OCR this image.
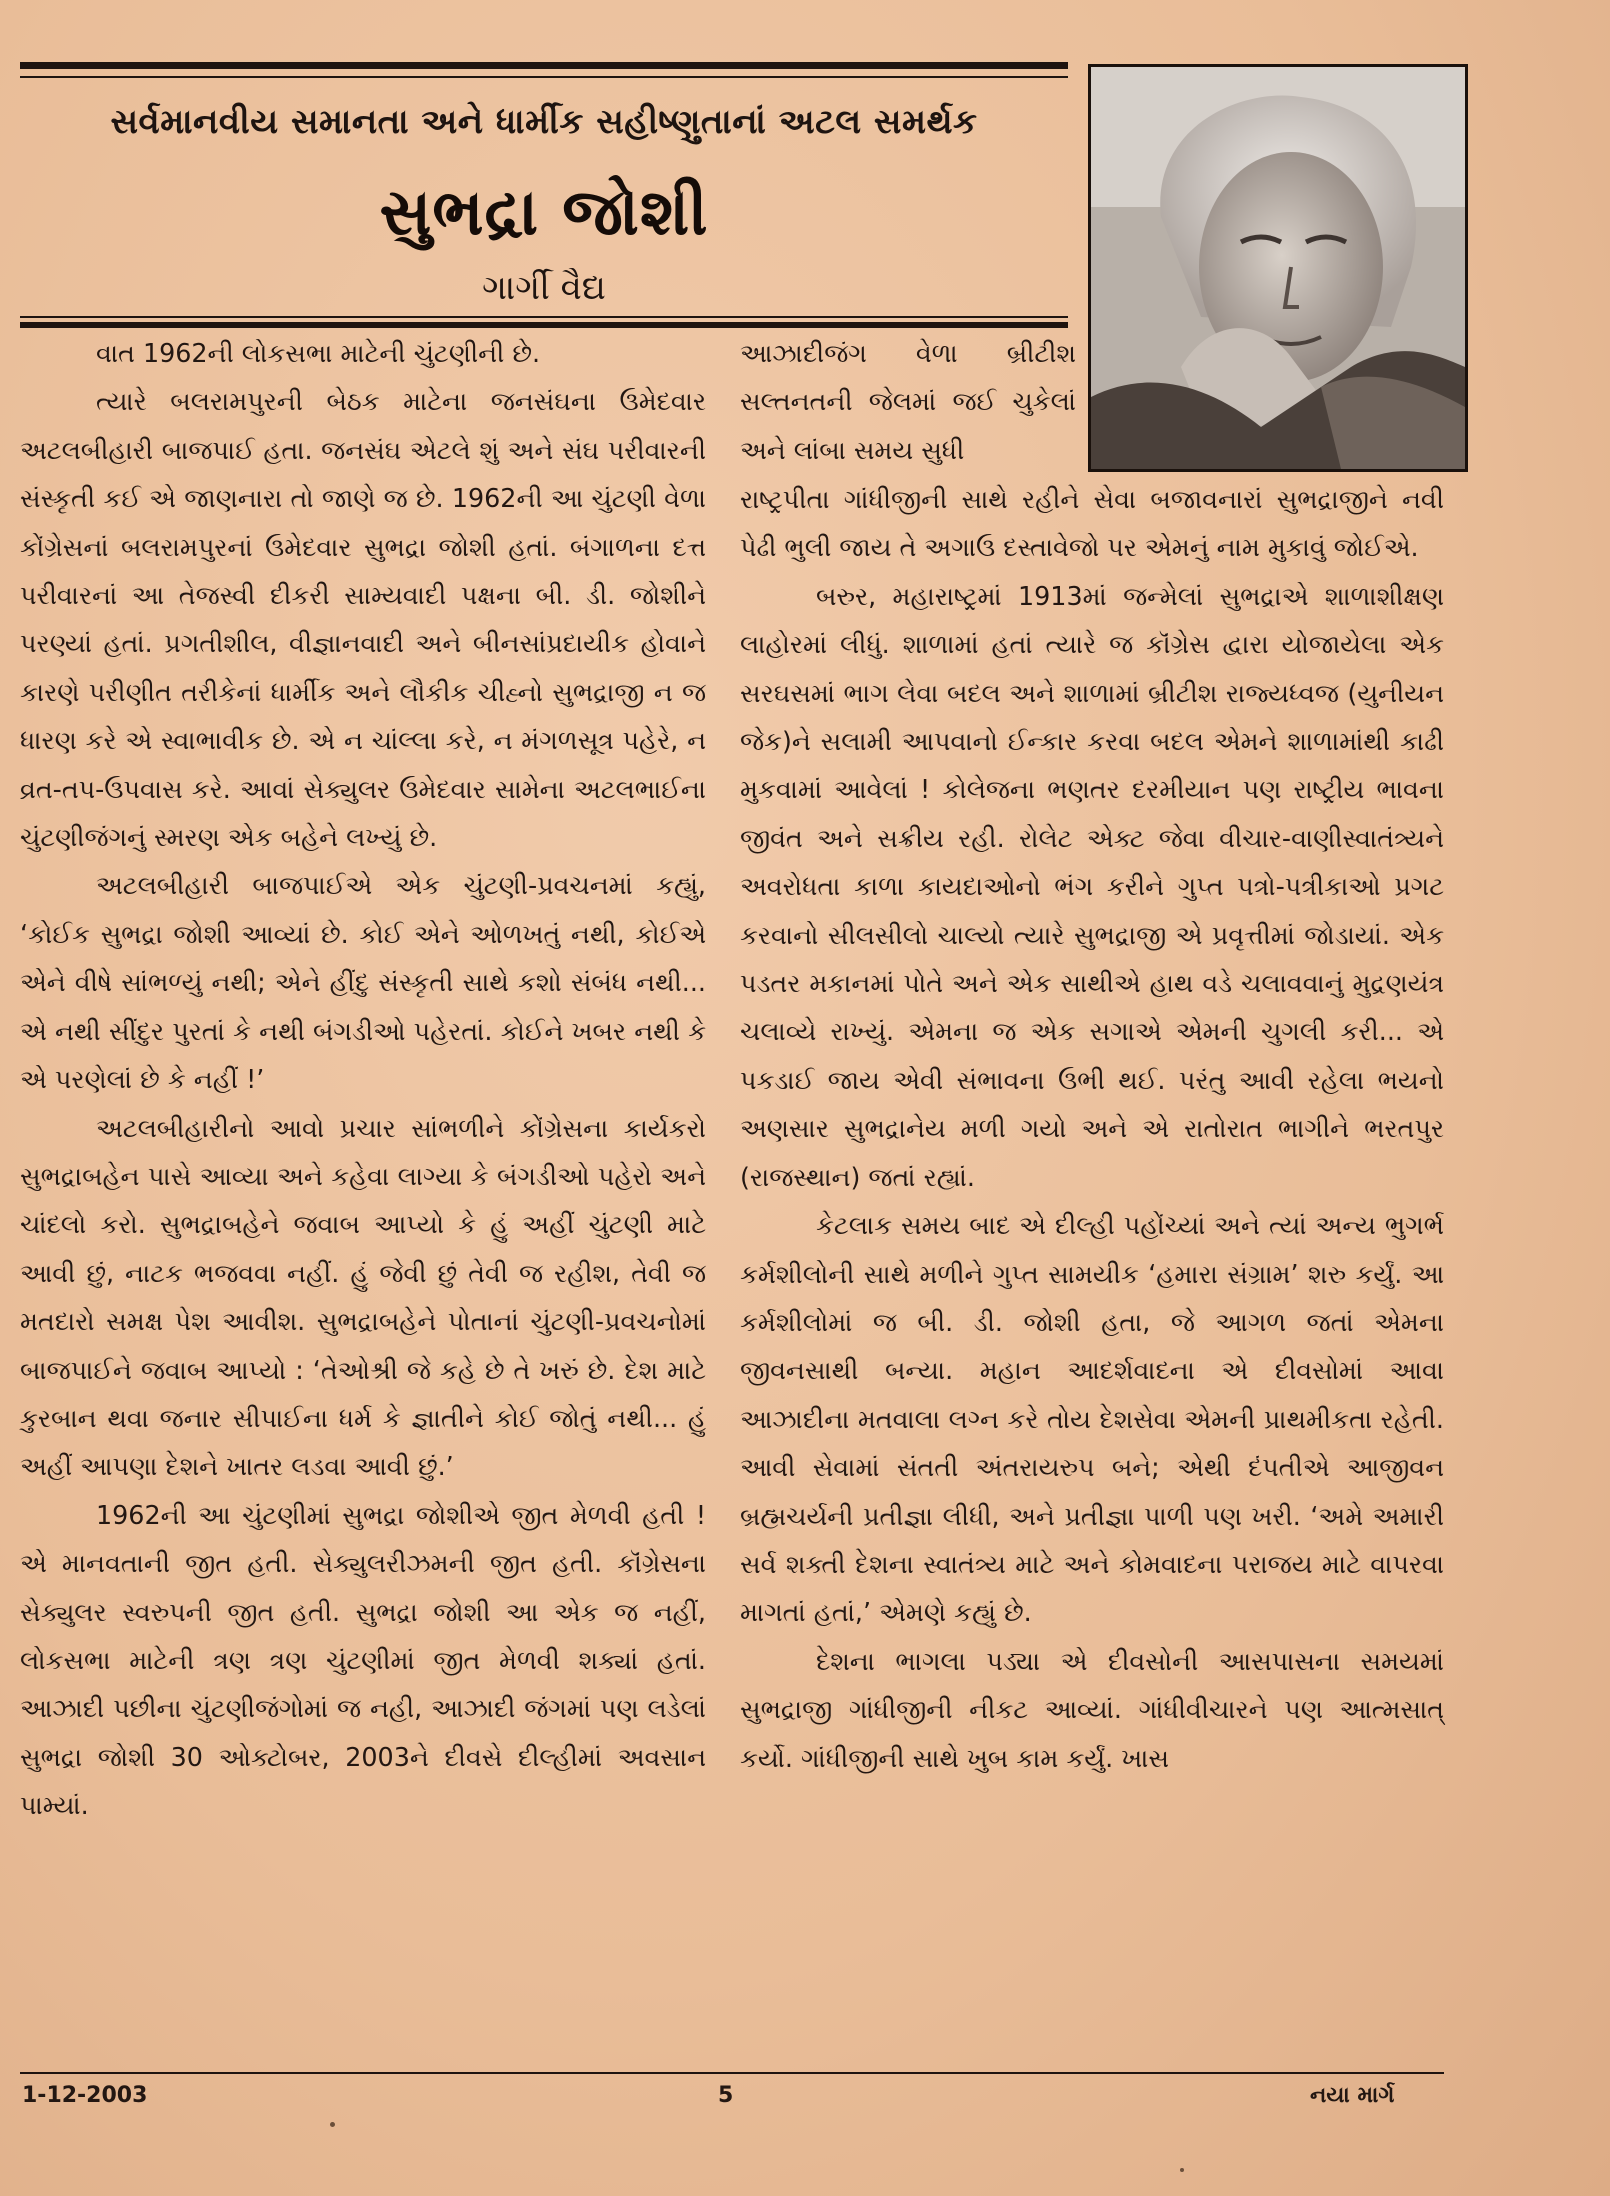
સર્વમાનવીય સમાનતા અને ધાર્મીક સહીષ્ણુતાનાં અટલ સમર્થક
સુભદ્રા જોશી
ગાર્ગી વૈદ્ય
આઝાદીજંગ વેળા બ્રીટીશ સલ્તનતની જેલમાં જઈ ચુકેલાં અને લાંબા સમય સુધી

વાત 1962ની લોકસભા માટેની ચુંટણીની છે.

ત્યારે બલરામપુરની બેઠક માટેના જનસંઘના ઉમેદવાર અટલબીહારી બાજપાઈ હતા. જનસંઘ એટલે શું અને સંઘ પરીવારની સંસ્કૃતી કઈ એ જાણનારા તો જાણે જ છે. 1962ની આ ચુંટણી વેળા કોંગ્રેસનાં બલરામપુરનાં ઉમેદવાર સુભદ્રા જોશી હતાં. બંગાળના દત્ત પરીવારનાં આ તેજસ્વી દીકરી સામ્યવાદી પક્ષના બી. ડી. જોશીને પરણ્યાં હતાં. પ્રગતીશીલ, વીજ્ઞાનવાદી અને બીનસાંપ્રદાયીક હોવાને કારણે પરીણીત તરીકેનાં ધાર્મીક અને લૌકીક ચીહ્નો સુભદ્રાજી ન જ ધારણ કરે એ સ્વાભાવીક છે. એ ન ચાંલ્લા કરે, ન મંગળસૂત્ર પહેરે, ન વ્રત-તપ-ઉપવાસ કરે. આવાં સેક્યુલર ઉમેદવાર સામેના અટલભાઈના ચુંટણીજંગનું સ્મરણ એક બહેને લખ્યું છે.

અટલબીહારી બાજપાઈએ એક ચુંટણી-પ્રવચનમાં કહ્યું, ‘કોઈક સુભદ્રા જોશી આવ્યાં છે. કોઈ એને ઓળખતું નથી, કોઈએ એને વીષે સાંભળ્યું નથી; એને હીંદુ સંસ્કૃતી સાથે કશો સંબંધ નથી... એ નથી સીંદુર પુરતાં કે નથી બંગડીઓ પહેરતાં. કોઈને ખબર નથી કે એ પરણેલાં છે કે નહીં !’

અટલબીહારીનો આવો પ્રચાર સાંભળીને કોંગ્રેસના કાર્યકરો સુભદ્રાબહેન પાસે આવ્યા અને કહેવા લાગ્યા કે બંગડીઓ પહેરો અને ચાંદલો કરો. સુભદ્રાબહેને જવાબ આપ્યો કે હું અહીં ચુંટણી માટે આવી છું, નાટક ભજવવા નહીં. હું જેવી છું તેવી જ રહીશ, તેવી જ મતદારો સમક્ષ પેશ આવીશ. સુભદ્રાબહેને પોતાનાં ચુંટણી-પ્રવચનોમાં બાજપાઈને જવાબ આપ્યો : ‘તેઓશ્રી જે કહે છે તે ખરું છે. દેશ માટે કુરબાન થવા જનાર સીપાઈના ધર્મ કે જ્ઞાતીને કોઈ જોતું નથી... હું અહીં આપણા દેશને ખાતર લડવા આવી છું.’

1962ની આ ચુંટણીમાં સુભદ્રા જોશીએ જીત મેળવી હતી ! એ માનવતાની જીત હતી. સેક્યુલરીઝમની જીત હતી. કૉંગ્રેસના સેક્યુલર સ્વરુપની જીત હતી. સુભદ્રા જોશી આ એક જ નહીં, લોકસભા માટેની ત્રણ ત્રણ ચુંટણીમાં જીત મેળવી શક્યાં હતાં. આઝાદી પછીના ચુંટણીજંગોમાં જ નહી, આઝાદી જંગમાં પણ લડેલાં સુભદ્રા જોશી 30 ઓક્ટોબર, 2003ને દીવસે દીલ્હીમાં અવસાન પામ્યાં.

રાષ્ટ્રપીતા ગાંધીજીની સાથે રહીને સેવા બજાવનારાં સુભદ્રાજીને નવી પેઢી ભુલી જાય તે અગાઉ દસ્તાવેજો પર એમનું નામ મુકાવું જોઈએ.

બરુર, મહારાષ્ટ્રમાં 1913માં જન્મેલાં સુભદ્રાએ શાળાશીક્ષણ લાહોરમાં લીધું. શાળામાં હતાં ત્યારે જ કૉંગ્રેસ દ્વારા યોજાયેલા એક સરઘસમાં ભાગ લેવા બદલ અને શાળામાં બ્રીટીશ રાજ્યધ્વજ (યુનીયન જેક)ને સલામી આપવાનો ઈન્કાર કરવા બદલ એમને શાળામાંથી કાઢી મુકવામાં આવેલાં ! કોલેજના ભણતર દરમીયાન પણ રાષ્ટ્રીય ભાવના જીવંત અને સક્રીય રહી. રોલેટ એક્ટ જેવા વીચાર-વાણીસ્વાતંત્ર્યને અવરોધતા કાળા કાયદાઓનો ભંગ કરીને ગુપ્ત પત્રો-પત્રીકાઓ પ્રગટ કરવાનો સીલસીલો ચાલ્યો ત્યારે સુભદ્રાજી એ પ્રવૃત્તીમાં જોડાયાં. એક પડતર મકાનમાં પોતે અને એક સાથીએ હાથ વડે ચલાવવાનું મુદ્રણયંત્ર ચલાવ્યે રાખ્યું. એમના જ એક સગાએ એમની ચુગલી કરી... એ પકડાઈ જાય એવી સંભાવના ઉભી થઈ. પરંતુ આવી રહેલા ભયનો અણસાર સુભદ્રાનેય મળી ગયો અને એ રાતોરાત ભાગીને ભરતપુર (રાજસ્થાન) જતાં રહ્યાં.

કેટલાક સમય બાદ એ દીલ્હી પહોંચ્યાં અને ત્યાં અન્ય ભુગર્ભ કર્મશીલોની સાથે મળીને ગુપ્ત સામયીક ‘હમારા સંગ્રામ’ શરુ કર્યું. આ કર્મશીલોમાં જ બી. ડી. જોશી હતા, જે આગળ જતાં એમના જીવનસાથી બન્યા. મહાન આદર્શવાદના એ દીવસોમાં આવા આઝાદીના મતવાલા લગ્ન કરે તોય દેશસેવા એમની પ્રાથમીકતા રહેતી. આવી સેવામાં સંતતી અંતરાયરુપ બને; એથી દંપતીએ આજીવન બ્રહ્મચર્યની પ્રતીજ્ઞા લીધી, અને પ્રતીજ્ઞા પાળી પણ ખરી. ‘અમે અમારી સર્વ શક્તી દેશના સ્વાતંત્ર્ય માટે અને કોમવાદના પરાજય માટે વાપરવા માગતાં હતાં,’ એમણે કહ્યું છે.

દેશના ભાગલા પડ્યા એ દીવસોની આસપાસના સમયમાં સુભદ્રાજી ગાંધીજીની નીકટ આવ્યાં. ગાંધીવીચારને પણ આત્મસાત્ કર્યો. ગાંધીજીની સાથે ખુબ કામ કર્યું. ખાસ

1-12-2003	5	નયા માર્ગ
